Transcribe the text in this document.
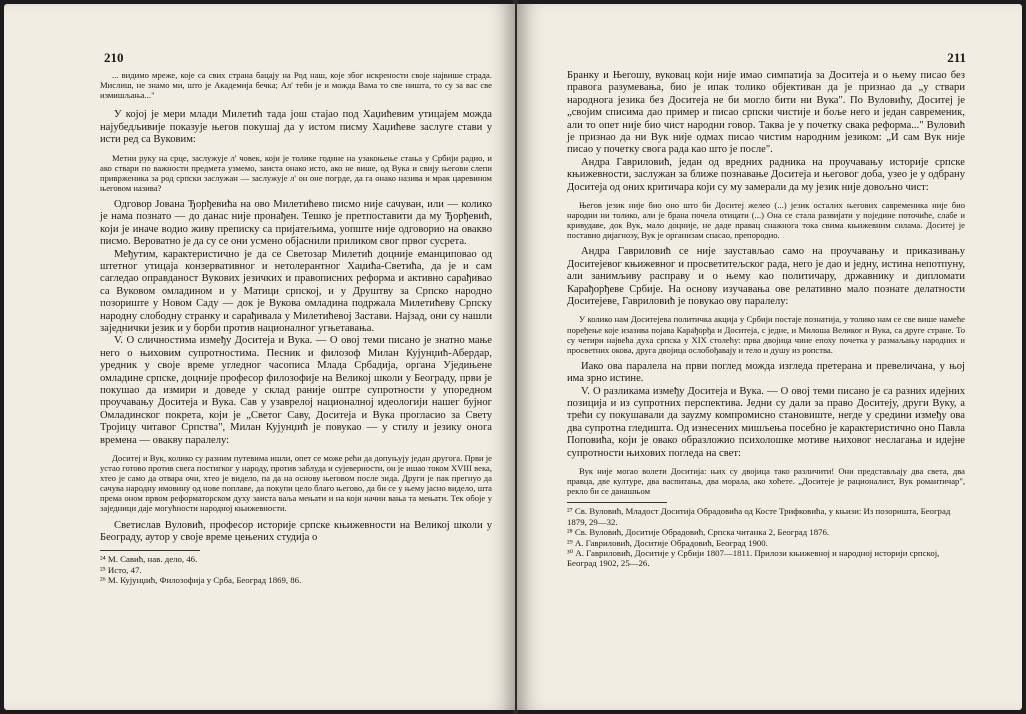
210
... видимо мреже, које са свих страна бацају на Род наш, које због искрености своје највише страда. Мислиш, не знамо ми, што је Академија бечка; Ал' теби је и можда Вама то све ништа, то су за вас све измишљања..."
У којој је мери млади Милетић тада још стајао под Хаџићевим утицајем можда најубедљивије показује његов покушај да у истом писму Хаџићеве заслуге стави у исти ред са Вуковим:
Метни руку на срце, заслужује л' човек, који је толике године на узакоњење стања у Србији радио, и ако ствари по важности предмета узмемо, заиста онако исто, ако не више, од Вука и свију његови слепи привржeника за род српски заслужан — заслужује л' он оне погрде, да га онако назива и мрак царевином његовом назива?
Одговор Јована Ђорђевића на ово Милетићево писмо није сачуван, или — колико је нама познато — до данас није пронађен. Тешко је претпоставити да му Ђорђевић, који је иначе водио живу преписку са пријатељима, уопште није одговорио на овакво писмо. Вероватно је да су се они усмено објаснили приликом свог првог сусрета.
Међутим, карактеристично је да се Светозар Милетић доцније еманциповао од штетног утицаја конзервативног и нетолерантног Хаџића-Светића, да је и сам сагледао оправданост Вукових језичких и правописних реформа и активно сарађивао са Вуковом омладином и у Матици српској, и у Друштву за Српско народно позориште у Новом Саду — док је Вукова омладина подржала Милетићеву Српску народну слободну странку и сарађивала у Милетићевој Застави. Најзад, они су нашли заједнички језик и у борби против националног угњетавања.
V. О сличностима између Доситеја и Вука. — О овој теми писано је знатно мање него о њиховим супротностима. Песник и филозоф Милан Кујунџић-Абердар, уредник у своје време угледног часописа Млада Србадија, органа Уједињене омладине српске, доцније професор филозофије на Великој школи у Београду, први је покушао да измири и доведе у склад раније оштре супротности у упоредном проучавању Доситеја и Вука. Сав у узаврелој националној идеологији нашег бујног Омладинског покрета, који је „Светог Саву, Доситеја и Вука прогласио за Свету Тројицу читавог Српства", Милан Кујунџић је повукао — у стилу и језику онога времена — овакву паралелу:
Доситеј и Вук, колико су разним путевима ишли, опет се може рећи да допуњују један другога. Први је устао готово против свега постигког у народу, против заблуда и сујеверности, он је ишао током XVIII века, хтео је само да отвара очи, хтео је видело, па да на основу његовом после зида. Други је пак прегнуо да сачува народну имовину од нове поплаве, да покупи цело благо његово, да би се у њему јасно видело, шта према оном првом реформаторском духу заиста ваља мењати и на који начин вања та мењати. Тек обоје у заједници даје могућности народној књижевности.
Светислав Вуловић, професор историје српске књижевности на Великој школи у Београду, аутор у своје време цењених студија о
²⁴ М. Савић, нав. дело, 46.
²⁵ Исто, 47.
²⁶ М. Кујунџић, Филозофија у Срба, Београд 1869, 86.
211
Бранку и Његошу, вуковац који није имао симпатија за Доситеја и о њему писао без правога разумевања, био је ипак толико објективан да је признао да „у ствари народнога језика без Доситеја не би могло бити ни Вука". По Вуловићу, Доситеј је „својим списима дао пример и писао српски чистије и боље него и један савременик, али то опет није био чист народни говор. Таква је у почетку свака реформа..." Вуловић је признао да ни Вук није одмах писао чистим народним језиком: „И сам Вук није писао у почетку свога рада као што је после".
Андра Гавриловић, један од вредних радника на проучавању историје српске књижевности, заслужан за ближе познавање Доситеја и његовог доба, узео је у одбрану Доситеја од оних критичара који су му замерали да му језик није довољно чист:
Његов језик није био оно што би Доситеј желео (...) језик осталих његових савременика није био народни ни толико, али је брана почела отицати (...) Она се стала развијати у појединe поточиће, слабе и кривудаве, док Вук, мало доцније, не даде правац снажнога тока свима књижевним силама. Доситеј је поставио дијагнозу, Вук је организам спасао, препородио.
Андра Гавриловић се није заустављао само на проучавању и приказивању Доситејевог књижевног и просветитељског рада, него је дао и једну, истина непотпуну, али занимљиву расправу и о њему као политичару, државнику и дипломати Карађорђеве Србије. На основу изучавања ове релативно мало познате делатности Доситејеве, Гавриловић је повукао ову паралелу:
У колико нам Доситејева политичка акција у Србији постаје познатија, у толико нам се све више намеће поређење које изазива појава Карађорђа и Доситеја, с једне, и Милоша Великог и Вука, са друге стране. То су четири највећа духа српска у XIX столећу: прва двојица чине епоху почетка у размаљању народних и просветних окова, друга двојица ослобођавају и тело и душу из ропства.
Иако ова паралела на први поглед можда изгледа претерана и превеличана, у њој има зрно истине.
V. О разликама између Доситеја и Вука. — О овој теми писано је са разних идејних позиција и из супротних перспектива. Једни су дали за право Доситеју, други Вуку, а трећи су покушавали да зауzму компромисно становиште, негде у средини између ова два супротна гледишта. Од изнесених мишљења посебно је карактеристично оно Павла Поповића, који је овако образложио психолошке мотиве њиховог неслагања и идејне супротности њихових погледа на свет:
Вук није могао волети Доситија: њих су двојица тако различити! Они представљају два света, два правца, две културе, два васпитања, два морала, ако хоћете. „Доситеје је рационалист, Вук романтичар", рекло би се данашњом
²⁷ Св. Вуловић, Младост Доситија Обрадовића од Косте Трифковића, у књизи: Из позоришта, Београд 1879, 29—32.
²⁸ Св. Вуловић, Доситије Обрадовић, Српска читанка 2, Београд 1876.
²⁹ А. Гавриловић, Доситије Обрадовић, Београд 1900.
³⁰ А. Гавриловић, Доситије у Србији 1807—1811. Прилози књижевној и народној историји српској, Београд 1902, 25—26.
